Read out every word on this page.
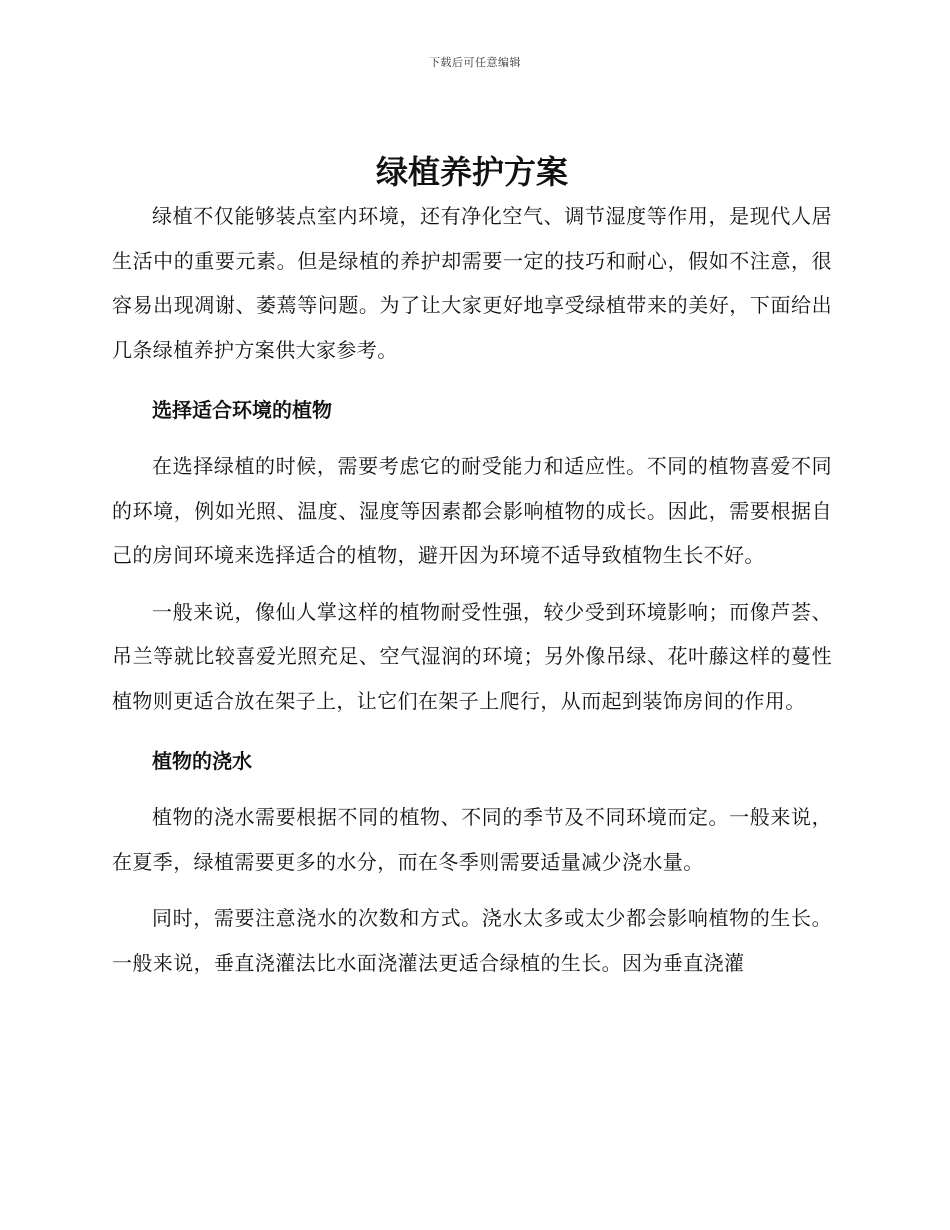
下载后可任意编辑
绿植养护方案

绿植不仅能够装点室内环境，还有净化空气、调节湿度等作用，是现代人居生活中的重要元素。但是绿植的养护却需要一定的技巧和耐心，假如不注意，很容易出现凋谢、萎蔫等问题。为了让大家更好地享受绿植带来的美好，下面给出几条绿植养护方案供大家参考。

选择适合环境的植物

在选择绿植的时候，需要考虑它的耐受能力和适应性。不同的植物喜爱不同的环境，例如光照、温度、湿度等因素都会影响植物的成长。因此，需要根据自己的房间环境来选择适合的植物，避开因为环境不适导致植物生长不好。

一般来说，像仙人掌这样的植物耐受性强，较少受到环境影响；而像芦荟、吊兰等就比较喜爱光照充足、空气湿润的环境；另外像吊绿、花叶藤这样的蔓性植物则更适合放在架子上，让它们在架子上爬行，从而起到装饰房间的作用。

植物的浇水

植物的浇水需要根据不同的植物、不同的季节及不同环境而定。一般来说，在夏季，绿植需要更多的水分，而在冬季则需要适量减少浇水量。

同时，需要注意浇水的次数和方式。浇水太多或太少都会影响植物的生长。一般来说，垂直浇灌法比水面浇灌法更适合绿植的生长。因为垂直浇灌
